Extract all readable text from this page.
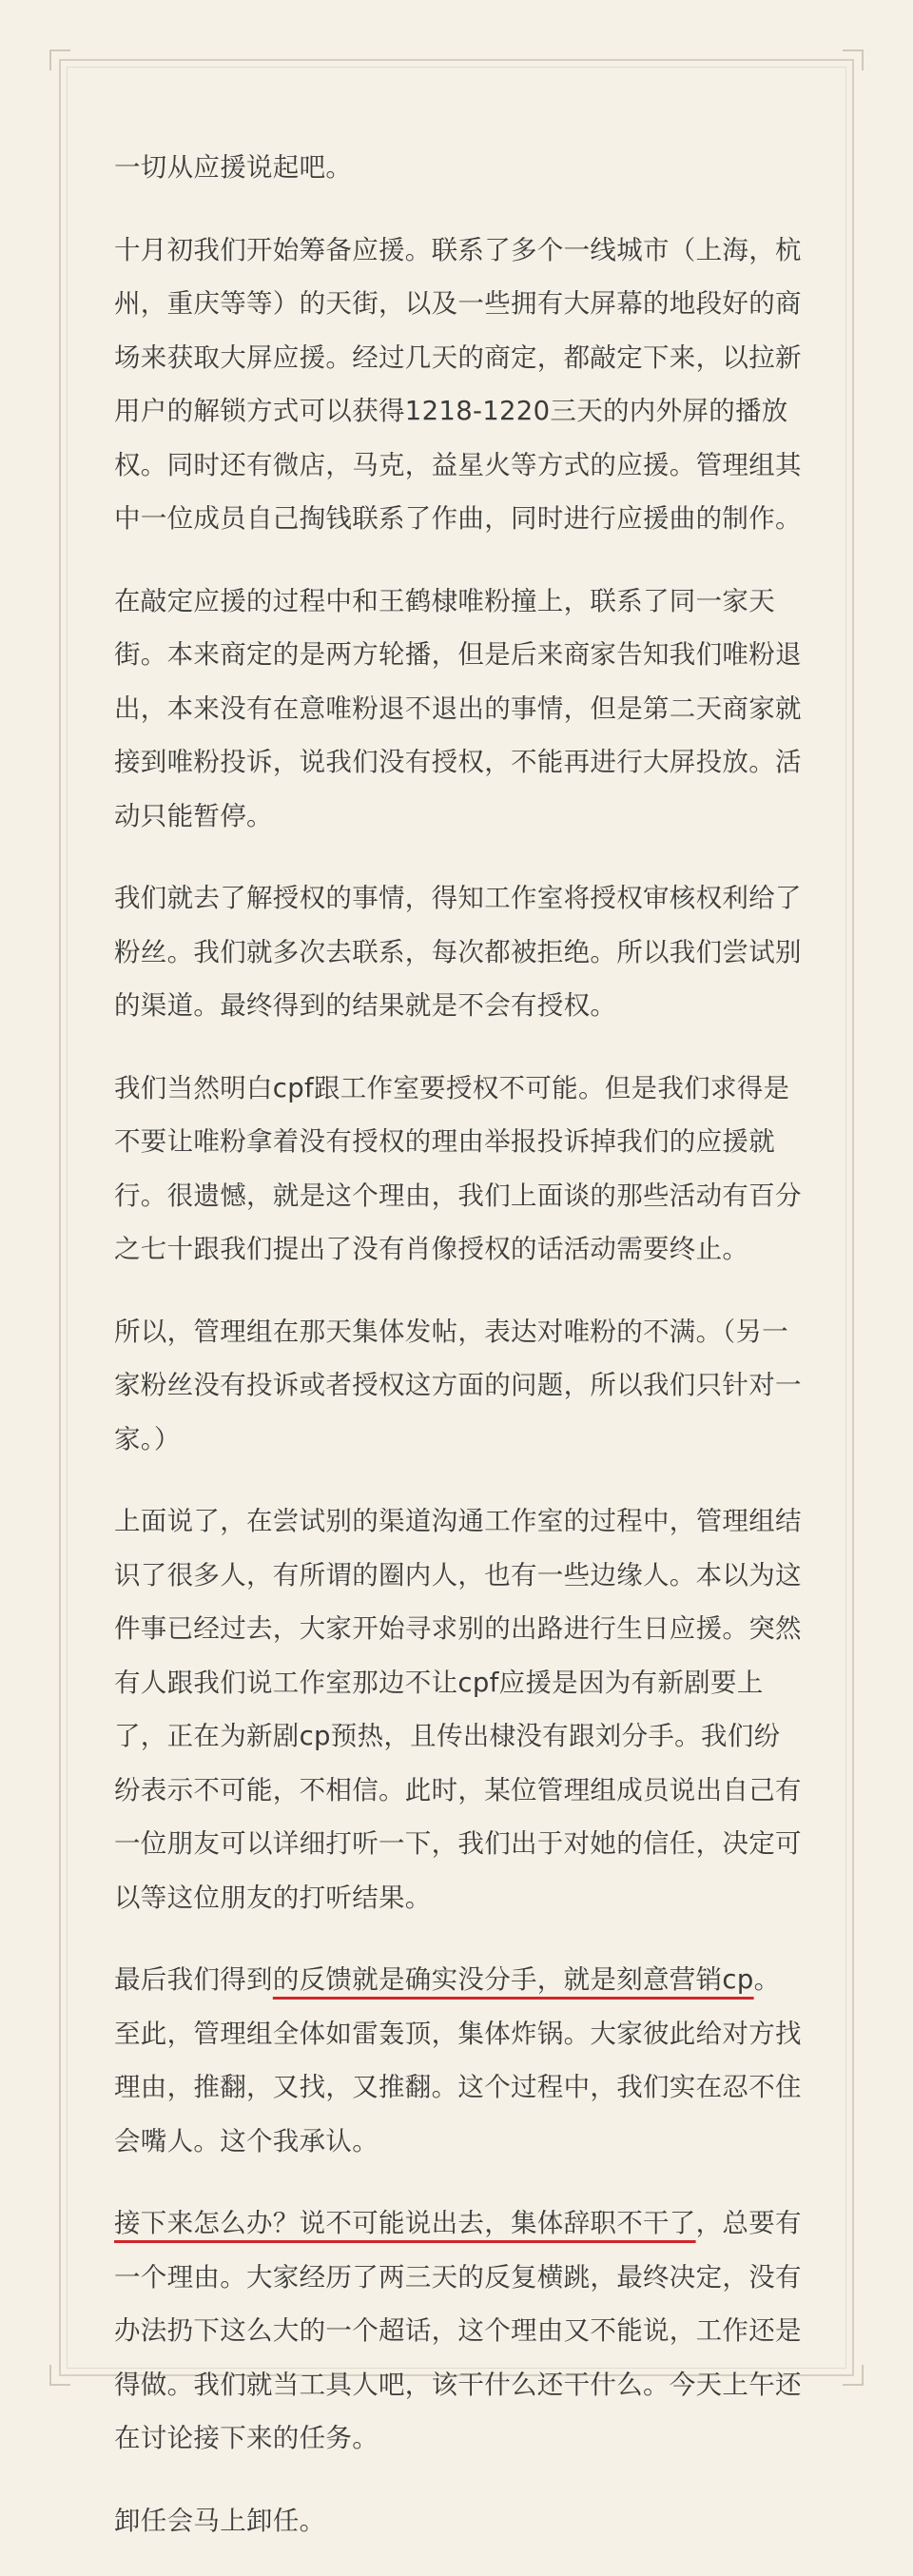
一切从应援说起吧。

十月初我们开始筹备应援。联系了多个一线城市（上海，杭州，重庆等等）的天街，以及一些拥有大屏幕的地段好的商场来获取大屏应援。经过几天的商定，都敲定下来，以拉新用户的解锁方式可以获得1218-1220三天的内外屏的播放权。同时还有微店，马克，益星火等方式的应援。管理组其中一位成员自己掏钱联系了作曲，同时进行应援曲的制作。

在敲定应援的过程中和王鹤棣唯粉撞上，联系了同一家天街。本来商定的是两方轮播，但是后来商家告知我们唯粉退出，本来没有在意唯粉退不退出的事情，但是第二天商家就接到唯粉投诉，说我们没有授权，不能再进行大屏投放。活动只能暂停。

我们就去了解授权的事情，得知工作室将授权审核权利给了粉丝。我们就多次去联系，每次都被拒绝。所以我们尝试别的渠道。最终得到的结果就是不会有授权。

我们当然明白cpf跟工作室要授权不可能。但是我们求得是不要让唯粉拿着没有授权的理由举报投诉掉我们的应援就行。很遗憾，就是这个理由，我们上面谈的那些活动有百分之七十跟我们提出了没有肖像授权的话活动需要终止。

所以，管理组在那天集体发帖，表达对唯粉的不满。（另一家粉丝没有投诉或者授权这方面的问题，所以我们只针对一家。）

上面说了，在尝试别的渠道沟通工作室的过程中，管理组结识了很多人，有所谓的圈内人，也有一些边缘人。本以为这件事已经过去，大家开始寻求别的出路进行生日应援。突然有人跟我们说工作室那边不让cpf应援是因为有新剧要上了，正在为新剧cp预热，且传出棣没有跟刘分手。我们纷纷表示不可能，不相信。此时，某位管理组成员说出自己有一位朋友可以详细打听一下，我们出于对她的信任，决定可以等这位朋友的打听结果。

最后我们得到的反馈就是确实没分手，就是刻意营销cp。至此，管理组全体如雷轰顶，集体炸锅。大家彼此给对方找理由，推翻，又找，又推翻。这个过程中，我们实在忍不住会嘴人。这个我承认。

接下来怎么办？说不可能说出去，集体辞职不干了，总要有一个理由。大家经历了两三天的反复横跳，最终决定，没有办法扔下这么大的一个超话，这个理由又不能说，工作还是得做。我们就当工具人吧，该干什么还干什么。今天上午还在讨论接下来的任务。

卸任会马上卸任。
